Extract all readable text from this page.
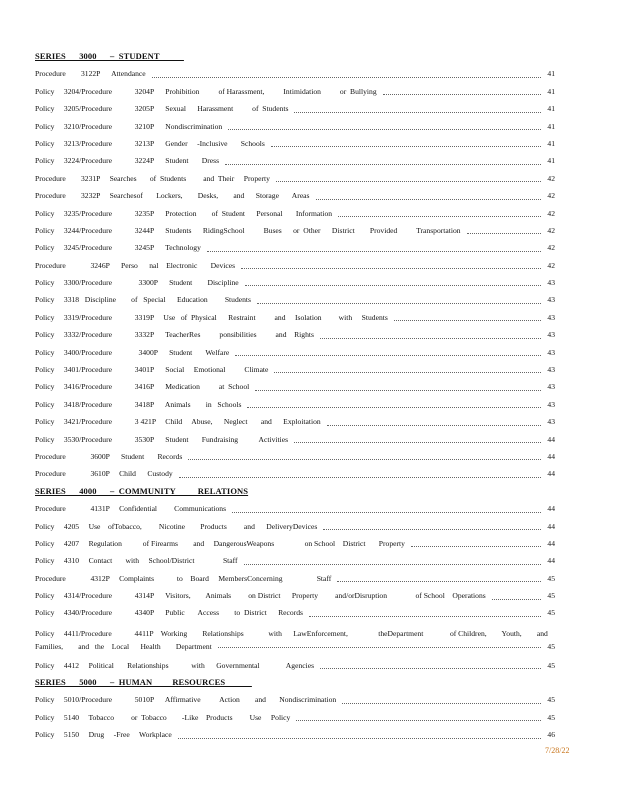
SERIES      3000      –  STUDENT
Procedure        3122P      Attendance	41
Policy     3204/Procedure            3204P      Prohibition          of Harassment,          Intimidation          or  Bullying	41
Policy     3205/Procedure            3205P      Sexual      Harassment          of  Students	41
Policy     3210/Procedure            3210P      Nondiscrimination	41
Policy     3213/Procedure            3213P      Gender     -Inclusive       Schools	41
Policy     3224/Procedure            3224P      Student       Dress	41
Procedure        3231P     Searches       of  Students         and  Their     Property	42
Procedure        3232P     Searchesof       Lockers,        Desks,        and      Storage       Areas	42
Policy     3235/Procedure            3235P      Protection        of  Student      Personal       Information	42
Policy     3244/Procedure            3244P      Students      RidingSchool          Buses      or  Other      District        Provided          Transportation	42
Policy     3245/Procedure            3245P      Technology	42
Procedure             3246P      Perso      nal    Electronic       Devices	42
Policy     3300/Procedure              3300P      Student        Discipline	43
Policy     3318   Discipline        of   Special      Education         Students	43
Policy     3319/Procedure            3319P     Use   of  Physical      Restraint          and     Isolation         with     Students	43
Policy     3332/Procedure            3332P      TeacherRes          ponsibilities          and    Rights	43
Policy     3400/Procedure              3400P      Student       Welfare	43
Policy     3401/Procedure            3401P      Social     Emotional          Climate	43
Policy     3416/Procedure            3416P      Medication          at  School	43
Policy     3418/Procedure            3418P      Animals        in   Schools	43
Policy     3421/Procedure            3 421P     Child     Abuse,      Neglect       and      Exploitation	43
Policy     3530/Procedure            3530P      Student       Fundraising           Activities	44
Procedure             3600P      Student       Records	44
Procedure             3610P     Child      Custody	44
SERIES      4000      –  COMMUNITY          RELATIONS
Procedure             4131P     Confidential         Communications	44
Policy     4205     Use    ofTobacco,         Nicotine        Products         and      DeliveryDevices	44
Policy     4207     Regulation           of Firearms        and     DangerousWeapons                on School    District       Property	44
Policy     4310     Contact       with     School/District               Staff	44
Procedure             4312P     Complaints            to    Board     MembersConcerning                  Staff	45
Policy     4314/Procedure            4314P      Visitors,        Animals         on District      Property         and/orDisruption               of School    Operations	45
Policy     4340/Procedure            4340P      Public       Access        to  District      Records	45
Policy     4411/Procedure            4411P    Working        Relationships             with      LawEnforcement,                theDepartment              of Children,        Youth,        and
Families,        and   the    Local      Health        Department	45
Policy     4412     Political       Relationships            with      Governmental              Agencies	45
SERIES      5000      –  HUMAN         RESOURCES
Policy     5010/Procedure            5010P      Affirmative          Action        and       Nondiscrimination	45
Policy     5140     Tobacco         or  Tobacco        -Like    Products         Use     Policy	45
Policy     5150     Drug     -Free     Workplace	46
7/28/22
